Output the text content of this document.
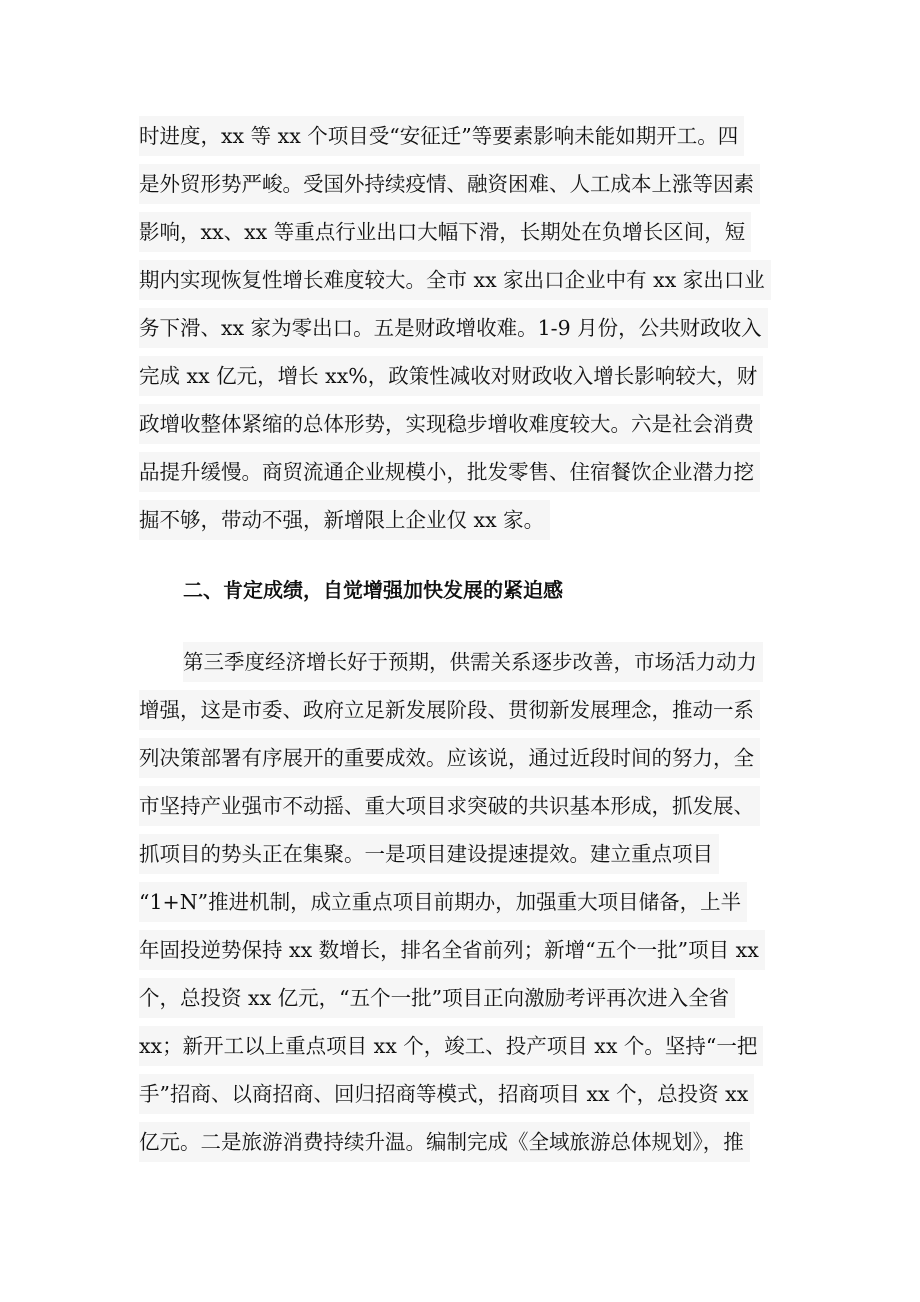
时进度，xx 等 xx 个项目受“安征迁”等要素影响未能如期开工。四
是外贸形势严峻。受国外持续疫情、融资困难、人工成本上涨等因素
影响，xx、xx 等重点行业出口大幅下滑，长期处在负增长区间，短
期内实现恢复性增长难度较大。全市 xx 家出口企业中有 xx 家出口业
务下滑、xx 家为零出口。五是财政增收难。1-9 月份，公共财政收入
完成 xx 亿元，增长 xx%，政策性减收对财政收入增长影响较大，财
政增收整体紧缩的总体形势，实现稳步增收难度较大。六是社会消费
品提升缓慢。商贸流通企业规模小，批发零售、住宿餐饮企业潜力挖
掘不够，带动不强，新增限上企业仅 xx 家。
二、肯定成绩，自觉增强加快发展的紧迫感
第三季度经济增长好于预期，供需关系逐步改善，市场活力动力
增强，这是市委、政府立足新发展阶段、贯彻新发展理念，推动一系
列决策部署有序展开的重要成效。应该说，通过近段时间的努力，全
市坚持产业强市不动摇、重大项目求突破的共识基本形成，抓发展、
抓项目的势头正在集聚。一是项目建设提速提效。建立重点项目
“1+N”推进机制，成立重点项目前期办，加强重大项目储备，上半
年固投逆势保持 xx 数增长，排名全省前列；新增“五个一批”项目 xx
个，总投资 xx 亿元，“五个一批”项目正向激励考评再次进入全省
xx；新开工以上重点项目 xx 个，竣工、投产项目 xx 个。坚持“一把
手”招商、以商招商、回归招商等模式，招商项目 xx 个，总投资 xx
亿元。二是旅游消费持续升温。编制完成《全域旅游总体规划》，推
